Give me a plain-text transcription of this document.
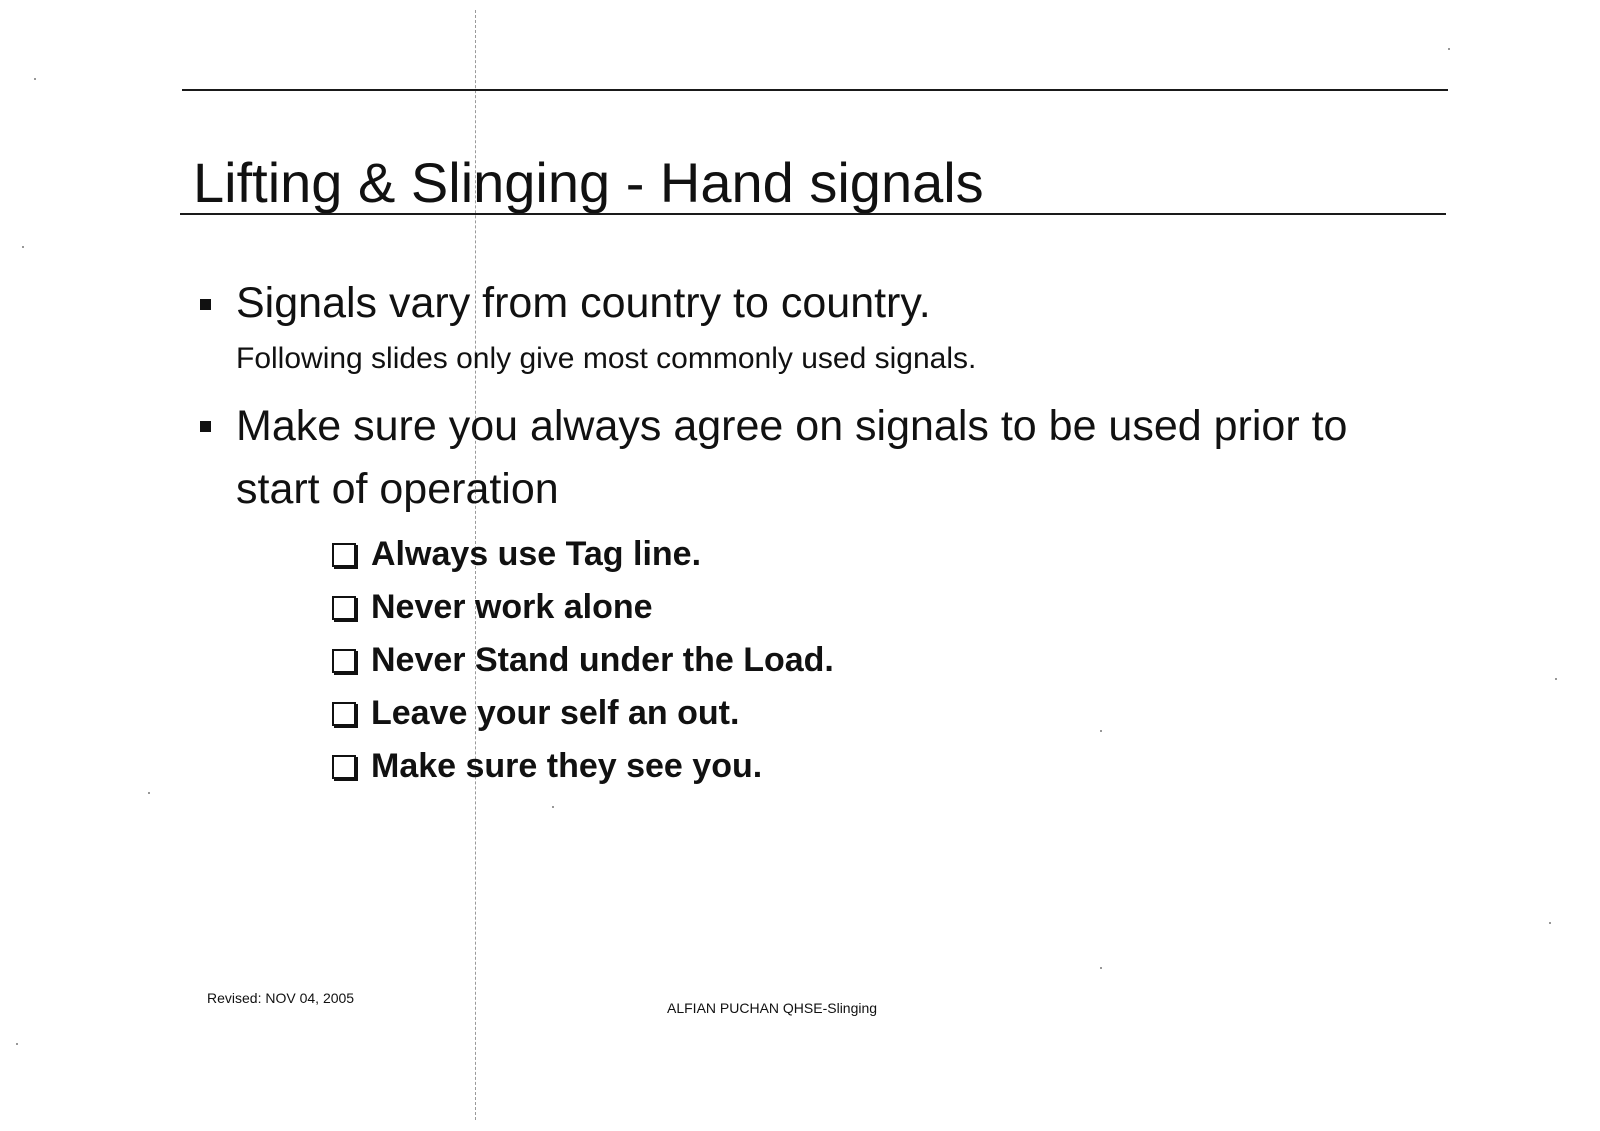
Lifting & Slinging - Hand signals
Signals vary from country to country.
Following slides only give most commonly used signals.
Make sure you always agree on signals to be used prior to
start of operation
Always use Tag line.
Never work alone
Never Stand under the Load.
Leave your self an out.
Make sure they see you.
Revised: NOV 04, 2005
ALFIAN PUCHAN QHSE-Slinging
